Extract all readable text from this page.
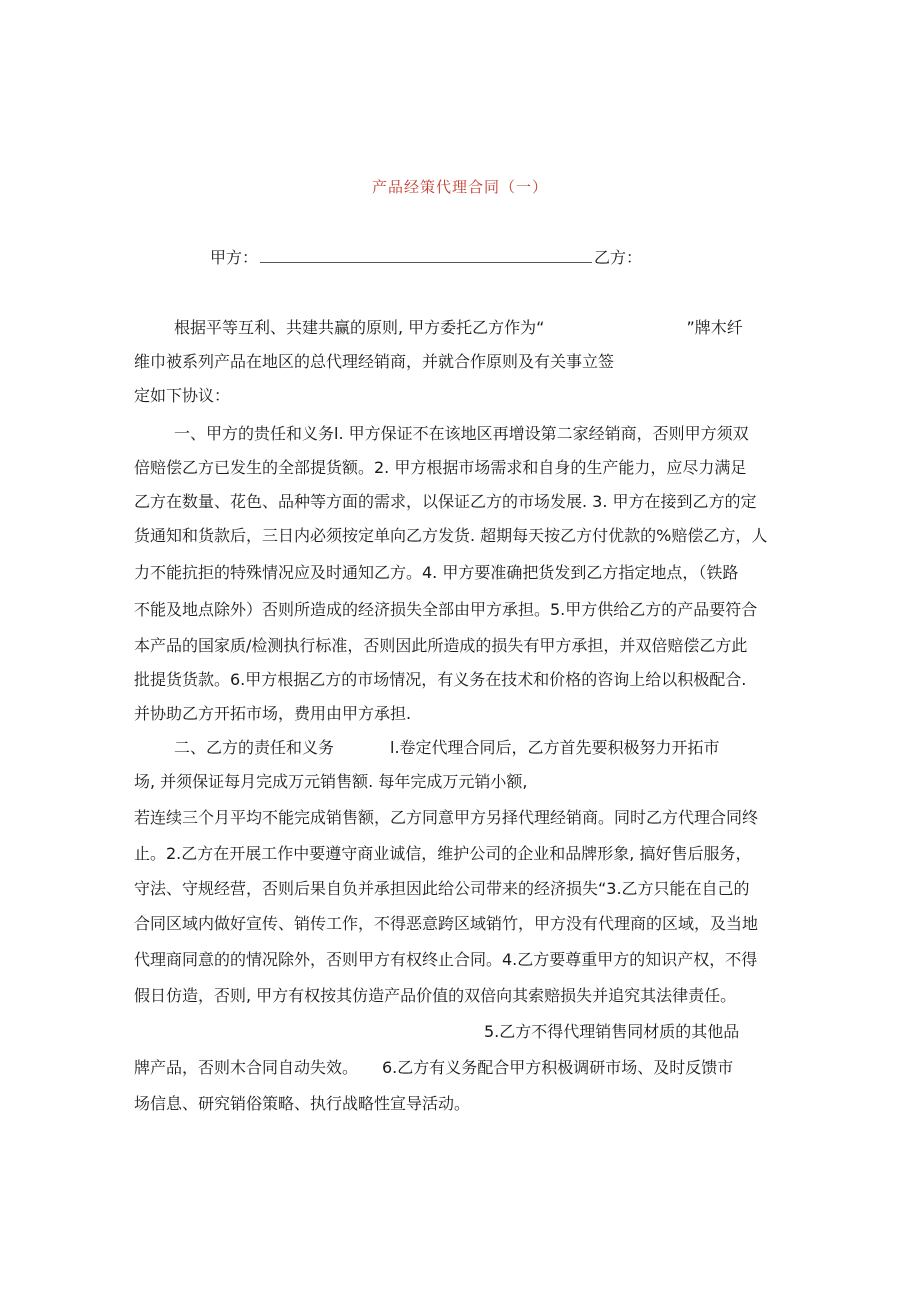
产品经策代理合同（一）
甲方：	乙方：
根据平等互利、共建共赢的原则, 甲方委托乙方作为“	”牌木纤
维巾被系列产品在地区的总代理经销商，并就合作原则及有关事立签
定如下协议：
一、甲方的贵任和义务l. 甲方保证不在该地区再增设第二家经销商，否则甲方须双
倍赔偿乙方已发生的全部提货额。2. 甲方根据市场需求和自身的生产能力，应尽力满足
乙方在数量、花色、品种等方面的需求，以保证乙方的市场发展. 3. 甲方在接到乙方的定
货通知和货款后，三日内必须按定单向乙方发货. 超期每天按乙方付优款的%赔偿乙方，人
力不能抗拒的特殊情况应及时通知乙方。4. 甲方要准确把货发到乙方指定地点，（铁路
不能及地点除外）否则所造成的经济损失全部由甲方承担。5.甲方供给乙方的产品要符合
本产品的国家质/检测执行标准，否则因此所造成的损失有甲方承担，并双倍赔偿乙方此
批提货货款。6.甲方根据乙方的市场情况，有义务在技术和价格的咨询上给以积极配合.
并协助乙方开拓市场，费用由甲方承担.
二、乙方的责任和义务	l.卷定代理合同后，乙方首先要积极努力开拓市
场, 并须保证每月完成万元销售额. 每年完成万元销小额,
若连续三个月平均不能完成销售额，乙方同意甲方另择代理经销商。同时乙方代理合同终
止。2.乙方在开展工作中要遵守商业诚信，维护公司的企业和品牌形象, 搞好售后服务，
守法、守规经营，否则后果自负并承担因此给公司带来的经济损失“3.乙方只能在自己的
合同区域内做好宣传、销传工作，不得恶意跨区域销竹，甲方没有代理商的区域，及当地
代理商同意的的情况除外，否则甲方有权终止合同。4.乙方要尊重甲方的知识产权，不得
假日仿造，否则, 甲方有权按其仿造产品价值的双倍向其索赔损失并追究其法律责任。
5.乙方不得代理销售同材质的其他品
牌产品，否则木合同自动失效。 6.乙方有义务配合甲方积极调研市场、及时反馈市
场信息、研究销俗策略、执行战略性宣导活动。
